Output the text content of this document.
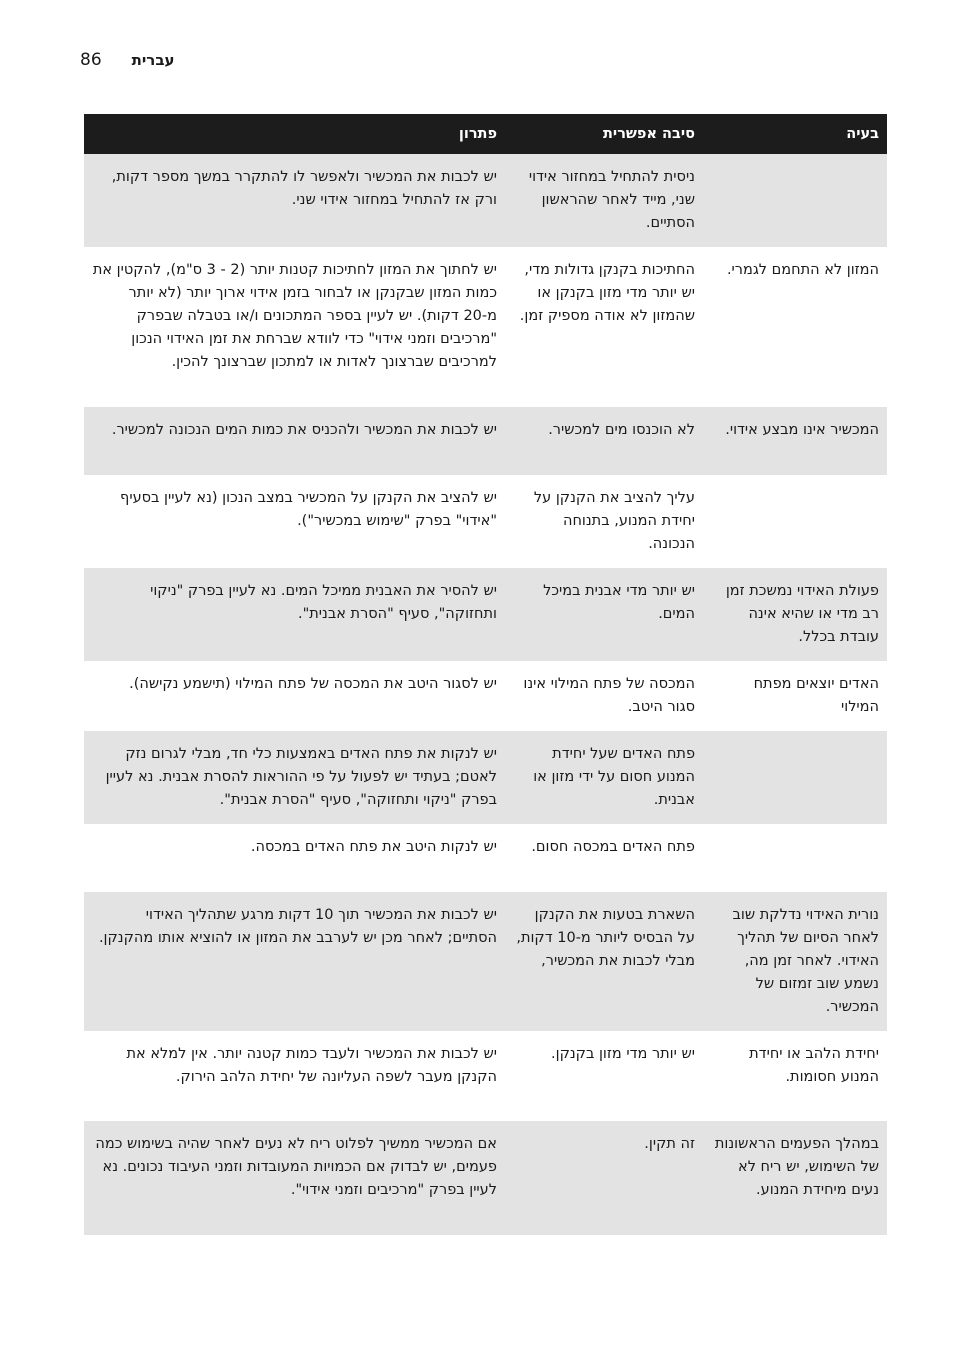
86 עברית
בעיה	סיבה אפשרית	פתרון
	ניסית להתחיל במחזור אידוי שני, מייד לאחר שהראשון הסתיים.	יש לכבות את המכשיר ולאפשר לו להתקרר במשך מספר דקות, ורק אז להתחיל במחזור אידוי שני.
המזון לא התחמם לגמרי.	החתיכות בקנקן גדולות מדי, יש יותר מדי מזון בקנקן או שהמזון לא אודה מספיק זמן.	יש לחתוך את המזון לחתיכות קטנות יותר (2 - 3 ס"מ), להקטין את כמות המזון שבקנקן או לבחור בזמן אידוי ארוך יותר (לא יותר מ-20 דקות). יש לעיין בספר המתכונים ו/או בטבלה שבפרק "מרכיבים וזמני אידוי" כדי לוודא שברחת את זמן האידוי הנכון למרכיבים שברצונך לאדות או למתכון שברצונך להכין.
המכשיר אינו מבצע אידוי.	לא הוכנסו מים למכשיר.	יש לכבות את המכשיר ולהכניס את כמות המים הנכונה למכשיר.
	עליך להציב את הקנקן על יחידת המנוע, בתנוחה הנכונה.	יש להציב את הקנקן על המכשיר במצב הנכון (נא לעיין בסעיף "אידוי" בפרק "שימוש במכשיר").
פעולת האידוי נמשכת זמן רב מדי או שהיא אינה עובדת בכלל.	יש יותר מדי אבנית במיכל המים.	יש להסיר את האבנית ממיכל המים. נא לעיין בפרק "ניקוי ותחזוקה", סעיף "הסרת אבנית".
האדים יוצאים מפתח המילוי	המכסה של פתח המילוי אינו סגור היטב.	יש לסגור היטב את המכסה של פתח המילוי (תישמע נקישה).
	פתח האדים שעל יחידת המנוע חסום על ידי מזון או אבנית.	יש לנקות את פתח האדים באמצעות כלי חד, מבלי לגרום נזק לאטם; בעתיד יש לפעול על פי ההוראות להסרת אבנית. נא לעיין בפרק "ניקוי ותחזוקה", סעיף "הסרת אבנית".
	פתח האדים במכסה חסום.	יש לנקות היטב את פתח האדים במכסה.
נורית האידוי נדלקת שוב לאחר הסיום של תהליך האידוי. לאחר זמן מה, נשמע שוב זמזום של המכשיר.	השארת בטעות את הקנקן על הבסיס ליותר מ-10 דקות, מבלי לכבות את המכשיר,	יש לכבות את המכשיר תוך 10 דקות מרגע שתהליך האידוי הסתיים; לאחר מכן יש לערבב את המזון או להוציא אותו מהקנקן.
יחידת הלהב או יחידת המנוע חסומות.	יש יותר מדי מזון בקנקן.	יש לכבות את המכשיר ולעבד כמות קטנה יותר. אין למלא את הקנקן מעבר לשפה העליונה של יחידת הלהב הירוק.
במהלך הפעמים הראשונות של השימוש, יש ריח לא נעים מיחידת המנוע.	זה תקין.	אם המכשיר ממשיך לפלוט ריח לא נעים לאחר שהיה בשימוש כמה פעמים, יש לבדוק אם הכמויות המעובדות וזמני העיבוד נכונים. נא לעיין בפרק "מרכיבים וזמני אידוי".
